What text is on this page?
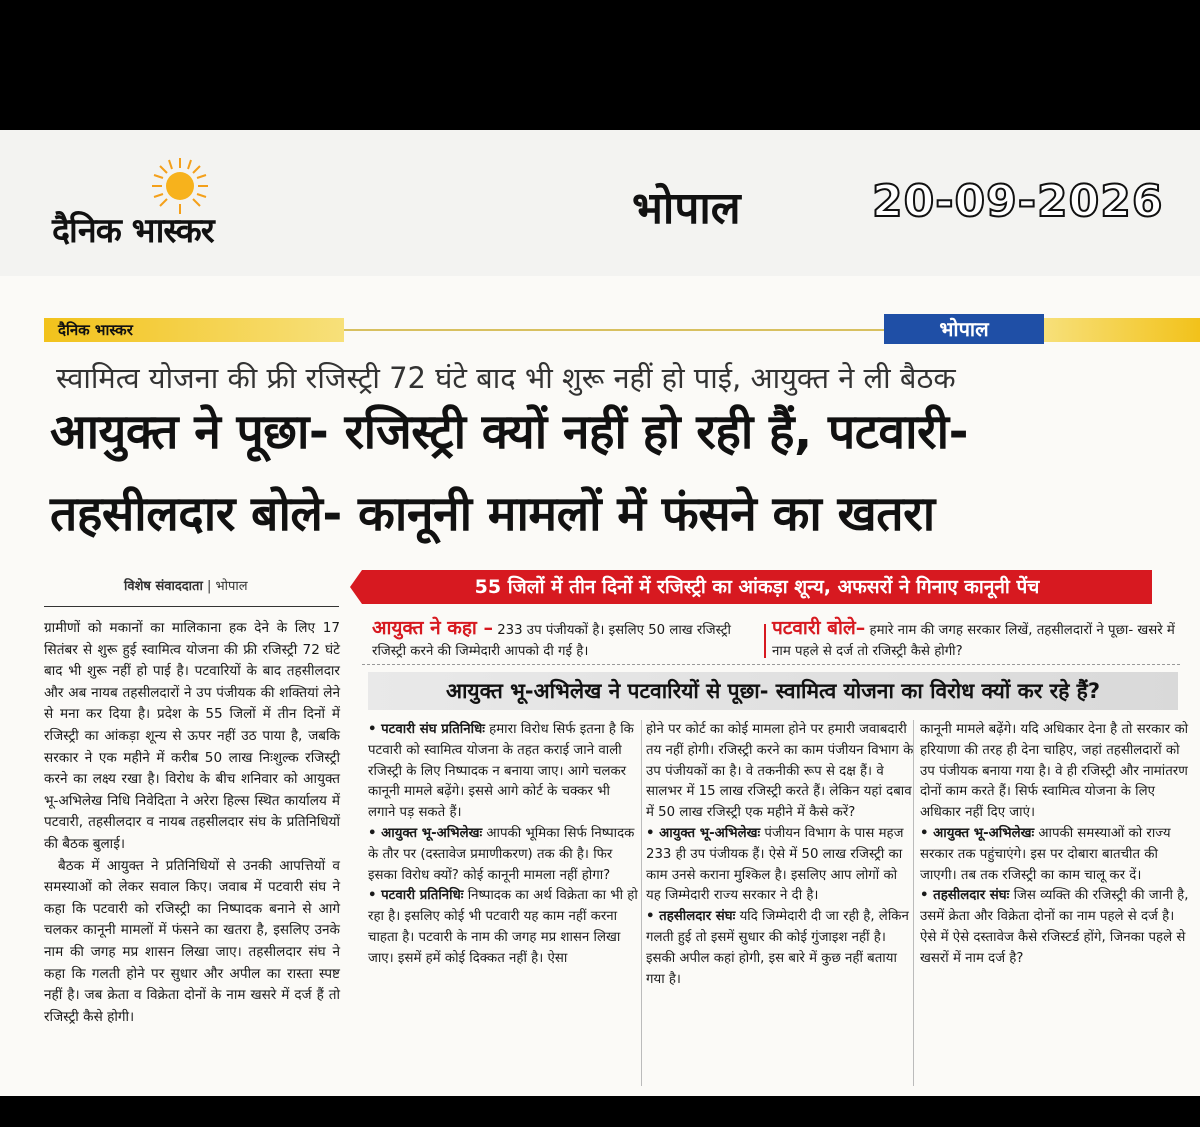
दैनिक भास्कर	भोपाल	20-09-2026
दैनिक भास्कर	भोपाल
स्वामित्व योजना की फ्री रजिस्ट्री 72 घंटे बाद भी शुरू नहीं हो पाई, आयुक्त ने ली बैठक
आयुक्त ने पूछा- रजिस्ट्री क्यों नहीं हो रही हैं, पटवारी-
तहसीलदार बोले- कानूनी मामलों में फंसने का खतरा
विशेष संवाददाता | भोपाल

ग्रामीणों को मकानों का मालिकाना हक देने के लिए 17 सितंबर से शुरू हुई स्वामित्व योजना की फ्री रजिस्ट्री 72 घंटे बाद भी शुरू नहीं हो पाई है। पटवारियों के बाद तहसीलदार और अब नायब तहसीलदारों ने उप पंजीयक की शक्तियां लेने से मना कर दिया है। प्रदेश के 55 जिलों में तीन दिनों में रजिस्ट्री का आंकड़ा शून्य से ऊपर नहीं उठ पाया है, जबकि सरकार ने एक महीने में करीब 50 लाख निःशुल्क रजिस्ट्री करने का लक्ष्य रखा है। विरोध के बीच शनिवार को आयुक्त भू-अभिलेख निधि निवेदिता ने अरेरा हिल्स स्थित कार्यालय में पटवारी, तहसीलदार व नायब तहसीलदार संघ के प्रतिनिधियों की बैठक बुलाई।

बैठक में आयुक्त ने प्रतिनिधियों से उनकी आपत्तियों व समस्याओं को लेकर सवाल किए। जवाब में पटवारी संघ ने कहा कि पटवारी को रजिस्ट्री का निष्पादक बनाने से आगे चलकर कानूनी मामलों में फंसने का खतरा है, इसलिए उनके नाम की जगह मप्र शासन लिखा जाए। तहसीलदार संघ ने कहा कि गलती होने पर सुधार और अपील का रास्ता स्पष्ट नहीं है। जब क्रेता व विक्रेता दोनों के नाम खसरे में दर्ज हैं तो रजिस्ट्री कैसे होगी।

55 जिलों में तीन दिनों में रजिस्ट्री का आंकड़ा शून्य, अफसरों ने गिनाए कानूनी पेंच
आयुक्त ने कहा – 233 उप पंजीयकों है। इसलिए 50 लाख रजिस्ट्री रजिस्ट्री करने की जिम्मेदारी आपको दी गई है।
पटवारी बोले– हमारे नाम की जगह सरकार लिखें, तहसीलदारों ने पूछा- खसरे में नाम पहले से दर्ज तो रजिस्ट्री कैसे होगी?
आयुक्त भू-अभिलेख ने पटवारियों से पूछा- स्वामित्व योजना का विरोध क्यों कर रहे हैं?

• पटवारी संघ प्रतिनिधिः हमारा विरोध सिर्फ इतना है कि पटवारी को स्वामित्व योजना के तहत कराई जाने वाली रजिस्ट्री के लिए निष्पादक न बनाया जाए। आगे चलकर कानूनी मामले बढ़ेंगे। इससे आगे कोर्ट के चक्कर भी लगाने पड़ सकते हैं।

• आयुक्त भू-अभिलेखः आपकी भूमिका सिर्फ निष्पादक के तौर पर (दस्तावेज प्रमाणीकरण) तक की है। फिर इसका विरोध क्यों? कोई कानूनी मामला नहीं होगा?

• पटवारी प्रतिनिधिः निष्पादक का अर्थ विक्रेता का भी हो रहा है। इसलिए कोई भी पटवारी यह काम नहीं करना चाहता है। पटवारी के नाम की जगह मप्र शासन लिखा जाए। इसमें हमें कोई दिक्कत नहीं है। ऐसा

होने पर कोर्ट का कोई मामला होने पर हमारी जवाबदारी तय नहीं होगी। रजिस्ट्री करने का काम पंजीयन विभाग के उप पंजीयकों का है। वे तकनीकी रूप से दक्ष हैं। वे सालभर में 15 लाख रजिस्ट्री करते हैं। लेकिन यहां दबाव में 50 लाख रजिस्ट्री एक महीने में कैसे करें?

• आयुक्त भू-अभिलेखः पंजीयन विभाग के पास महज 233 ही उप पंजीयक हैं। ऐसे में 50 लाख रजिस्ट्री का काम उनसे कराना मुश्किल है। इसलिए आप लोगों को यह जिम्मेदारी राज्य सरकार ने दी है।

• तहसीलदार संघः यदि जिम्मेदारी दी जा रही है, लेकिन गलती हुई तो इसमें सुधार की कोई गुंजाइश नहीं है। इसकी अपील कहां होगी, इस बारे में कुछ नहीं बताया गया है।

कानूनी मामले बढ़ेंगे। यदि अधिकार देना है तो सरकार को हरियाणा की तरह ही देना चाहिए, जहां तहसीलदारों को उप पंजीयक बनाया गया है। वे ही रजिस्ट्री और नामांतरण दोनों काम करते हैं। सिर्फ स्वामित्व योजना के लिए अधिकार नहीं दिए जाएं।

• आयुक्त भू-अभिलेखः आपकी समस्याओं को राज्य सरकार तक पहुंचाएंगे। इस पर दोबारा बातचीत की जाएगी। तब तक रजिस्ट्री का काम चालू कर दें।

• तहसीलदार संघः जिस व्यक्ति की रजिस्ट्री की जानी है, उसमें क्रेता और विक्रेता दोनों का नाम पहले से दर्ज है। ऐसे में ऐसे दस्तावेज कैसे रजिस्टर्ड होंगे, जिनका पहले से खसरों में नाम दर्ज है?
